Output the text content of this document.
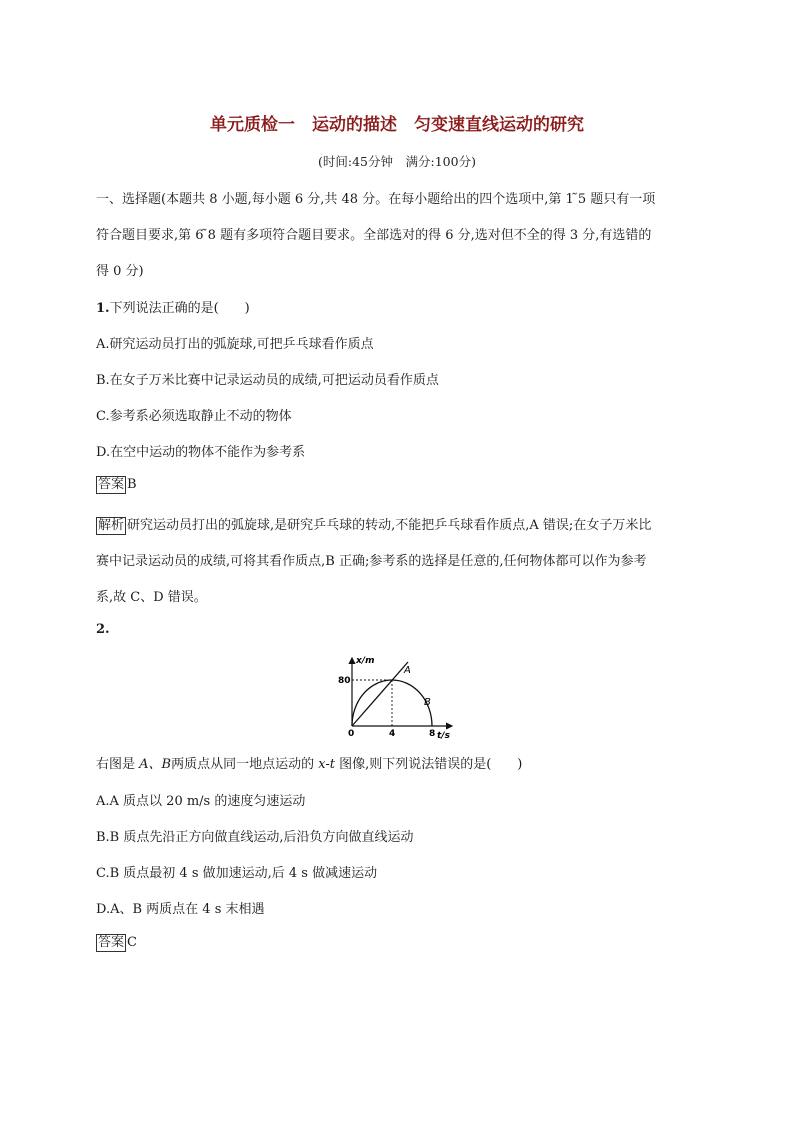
单元质检一　运动的描述　匀变速直线运动的研究
(时间:45分钟　满分:100分)
一、选择题(本题共 8 小题,每小题 6 分,共 48 分。在每小题给出的四个选项中,第 1 ̃5 题只有一项
符合题目要求,第 6 ̃8 题有多项符合题目要求。全部选对的得 6 分,选对但不全的得 3 分,有选错的
得 0 分)
1.下列说法正确的是(　　)
A.研究运动员打出的弧旋球,可把乒乓球看作质点
B.在女子万米比赛中记录运动员的成绩,可把运动员看作质点
C.参考系必须选取静止不动的物体
D.在空中运动的物体不能作为参考系
答案 B
解析 研究运动员打出的弧旋球,是研究乒乓球的转动,不能把乒乓球看作质点,A 错误;在女子万米比
赛中记录运动员的成绩,可将其看作质点,B 正确;参考系的选择是任意的,任何物体都可以作为参考
系,故 C、D 错误。
2.
x/m
t/s
0
80
4	8
A
B
右图是 A、B两质点从同一地点运动的 x-t 图像,则下列说法错误的是(　　)
A.A 质点以 20 m/s 的速度匀速运动
B.B 质点先沿正方向做直线运动,后沿负方向做直线运动
C.B 质点最初 4 s 做加速运动,后 4 s 做减速运动
D.A、B 两质点在 4 s 末相遇
答案 C
